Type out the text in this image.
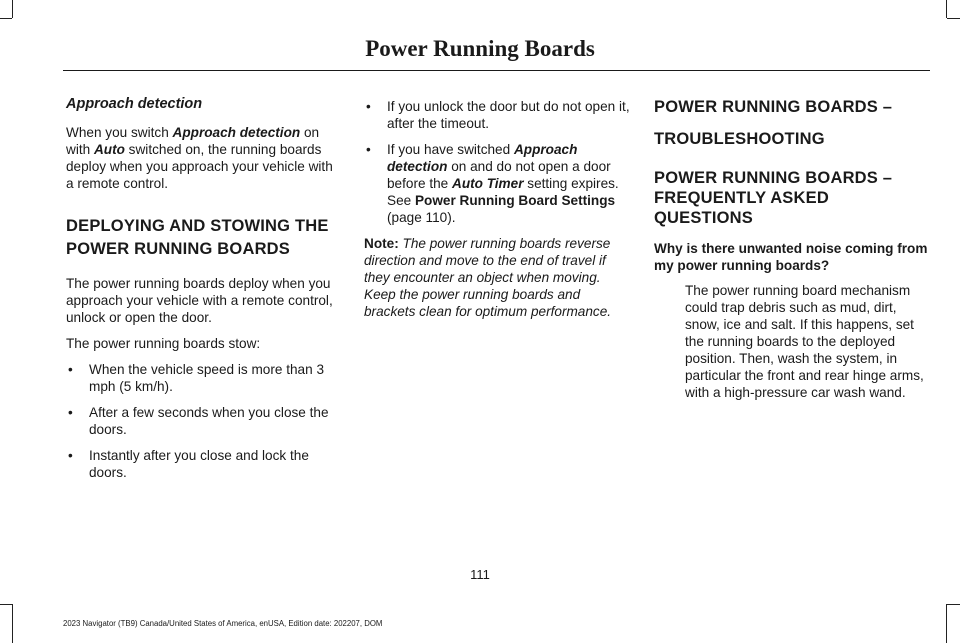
Power Running Boards

Approach detection

When you switch Approach detection on with Auto switched on, the running boards deploy when you approach your vehicle with a remote control.

DEPLOYING AND STOWING THE
POWER RUNNING BOARDS

The power running boards deploy when you approach your vehicle with a remote control, unlock or open the door.

The power running boards stow:

• When the vehicle speed is more than 3 mph (5 km/h).
• After a few seconds when you close the doors.
• Instantly after you close and lock the doors.
• If you unlock the door but do not open it, after the timeout.
• If you have switched Approach detection on and do not open a door before the Auto Timer setting expires. See Power Running Board Settings (page 110).

Note: The power running boards reverse direction and move to the end of travel if they encounter an object when moving. Keep the power running boards and brackets clean for optimum performance.

POWER RUNNING BOARDS –
TROUBLESHOOTING
POWER RUNNING BOARDS –
FREQUENTLY ASKED QUESTIONS

Why is there unwanted noise coming from my power running boards?

The power running board mechanism could trap debris such as mud, dirt, snow, ice and salt. If this happens, set the running boards to the deployed position. Then, wash the system, in particular the front and rear hinge arms, with a high-pressure car wash wand.

111
2023 Navigator (TB9) Canada/United States of America, enUSA, Edition date: 202207, DOM
